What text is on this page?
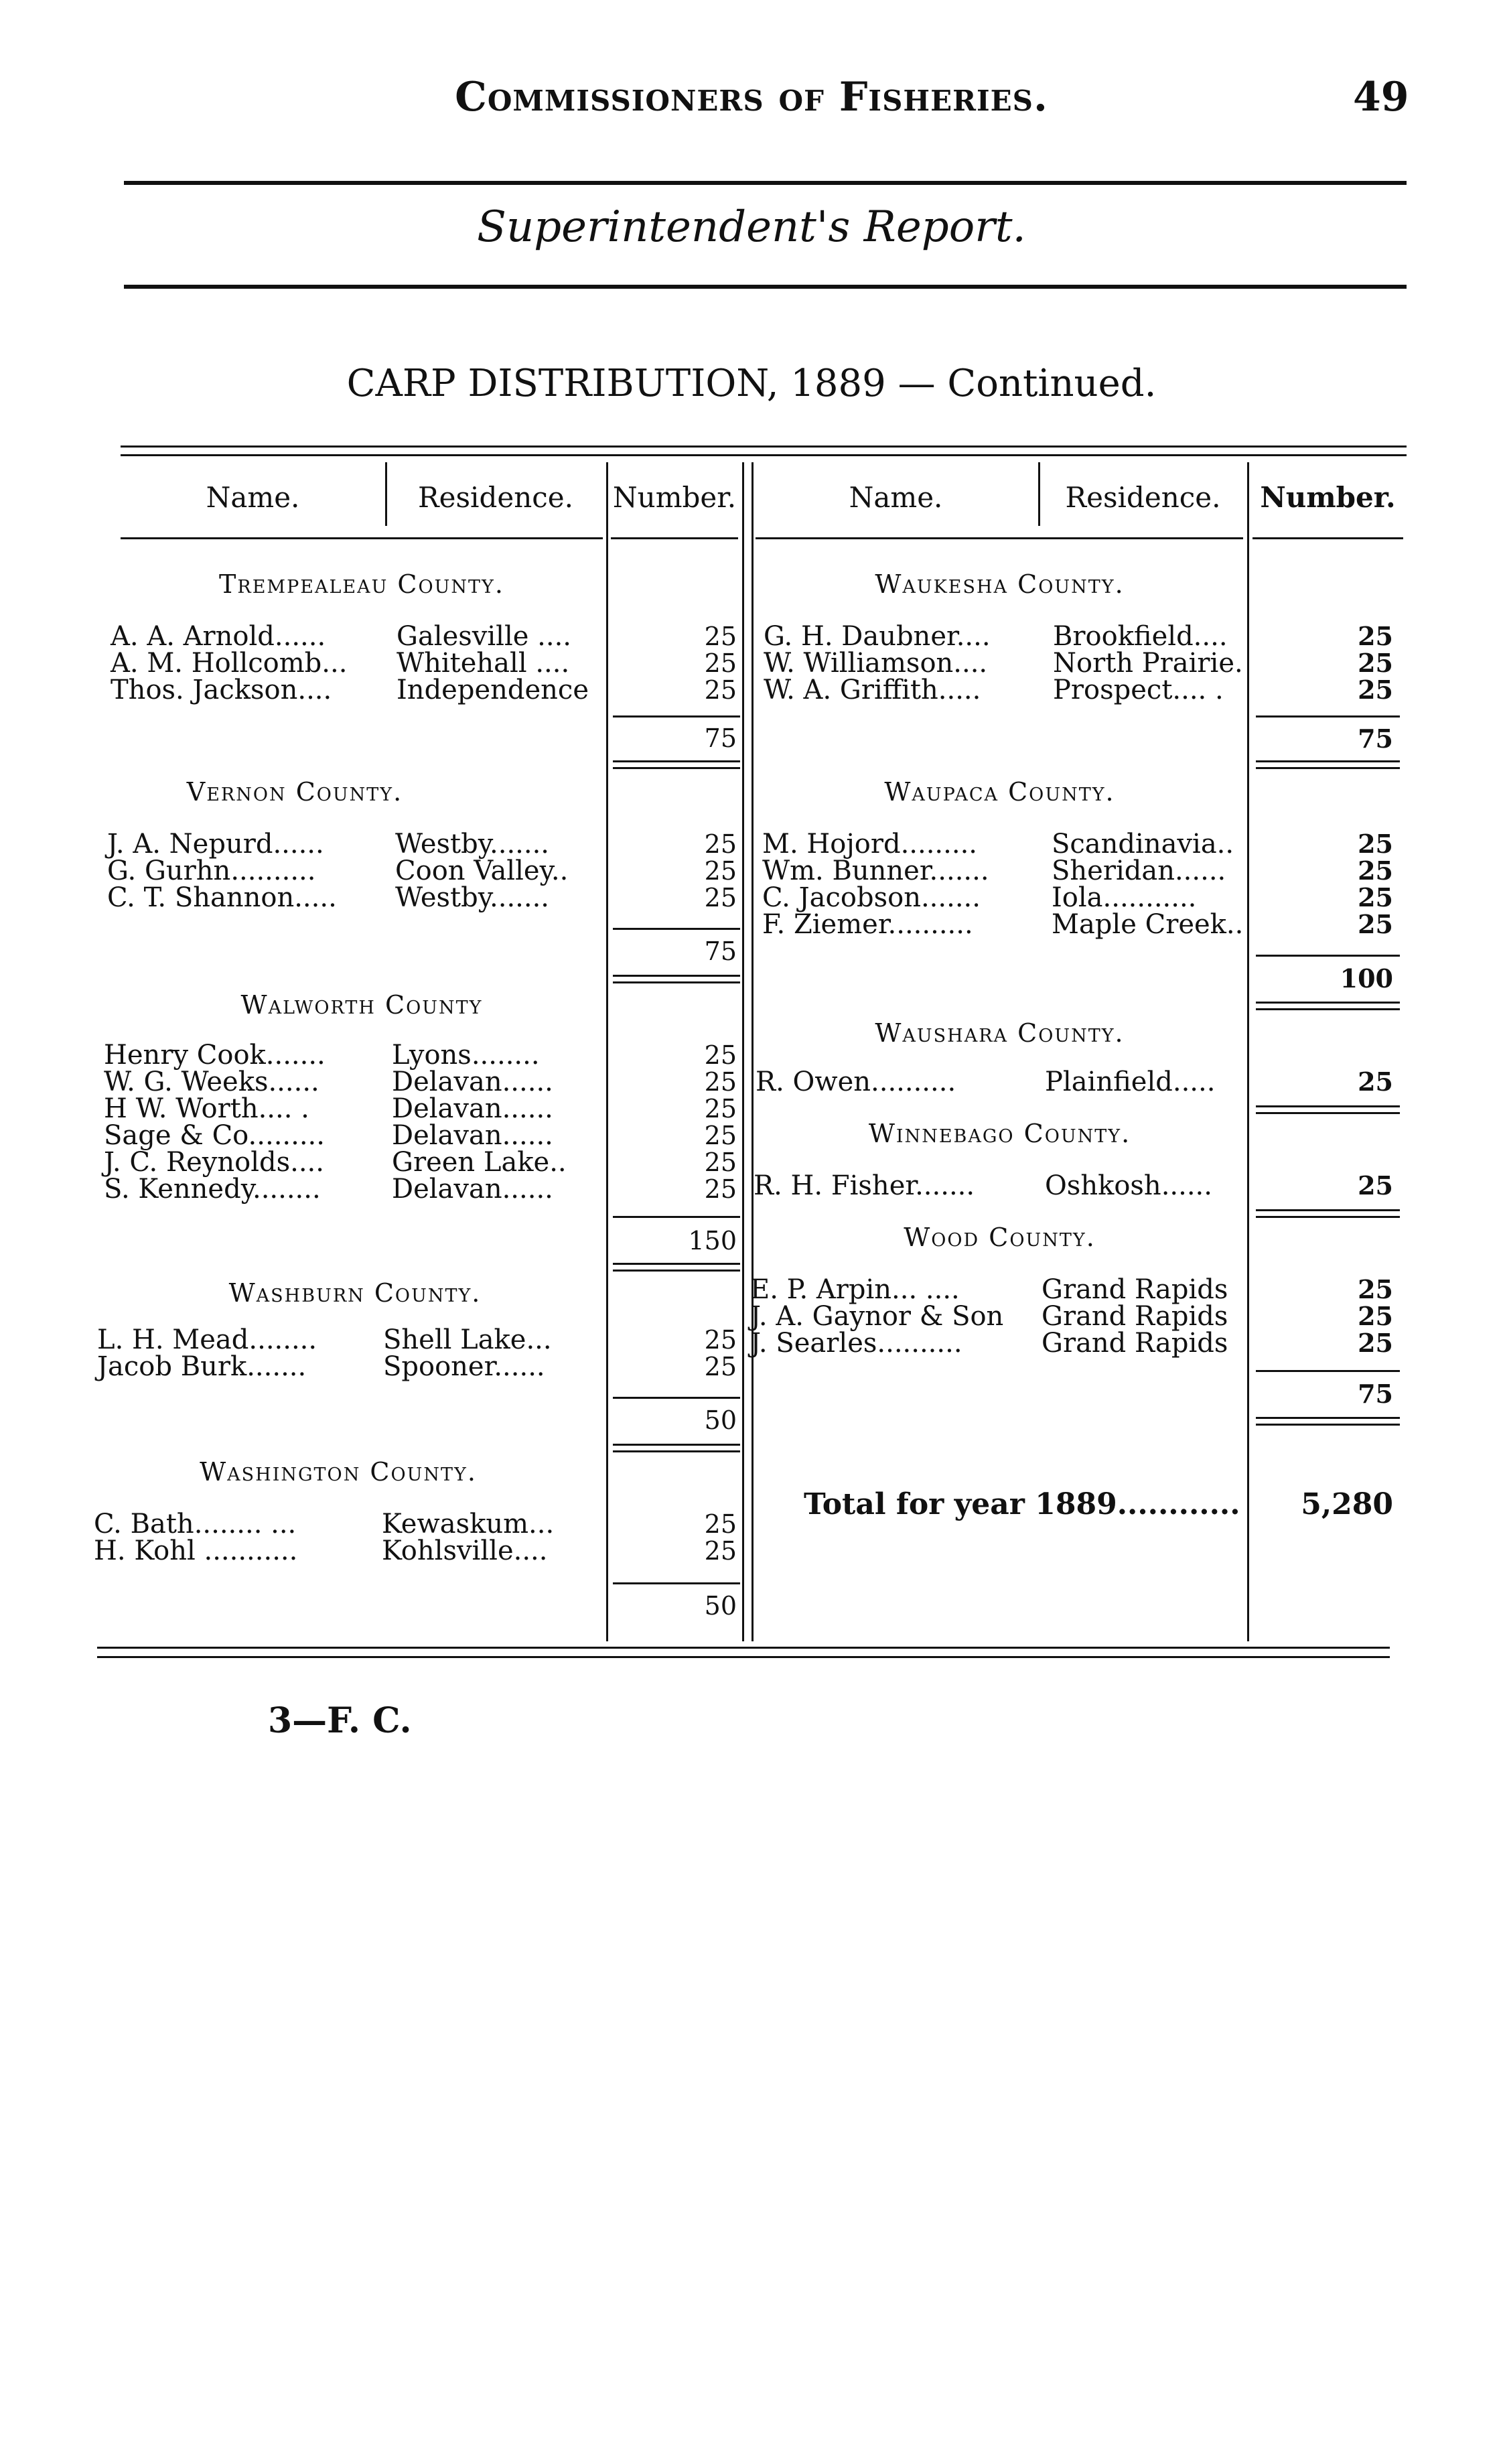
Commissioners of Fisheries.	49
Superintendent's Report.
CARP DISTRIBUTION, 1889 — Continued.
Name.	Residence.	Number.	Name.	Residence.	Number.
Trempealeau County.
A. A. Arnold......	Galesville ....	25
A. M. Hollcomb... Whitehall ....	25
Thos. Jackson.... Independence	25
75
Vernon County.
J. A. Nepurd......	Westby.......	25
G. Gurhn..........	Coon Valley..	25
C. T. Shannon..... Westby.......	25
75
Walworth County
Henry Cook....... Lyons........	25
W. G. Weeks......	Delavan......	25
H W. Worth.... .	Delavan......	25
Sage & Co.........	Delavan......	25
J. C. Reynolds....	Green Lake..	25
S. Kennedy........	Delavan......	25
150
Washburn County.
L. H. Mead........ Shell Lake...	25
Jacob Burk.......	Spooner......	25
50
Washington County.
C. Bath........ ...	Kewaskum...	25
H. Kohl ...........	Kohlsville....	25
50
Waukesha County.
G. H. Daubner.... Brookfield....	25
W. Williamson.... North Prairie.	25
W. A. Griffith.....	Prospect.... .	25
75
Waupaca County.
M. Hojord.........	Scandinavia..	25
Wm. Bunner....... Sheridan......	25
C. Jacobson.......	Iola...........	25
F. Ziemer..........	Maple Creek..	25
100
Waushara County.
R. Owen..........	Plainfield.....	25
Winnebago County.
R. H. Fisher.......	Oshkosh......	25
Wood County.
E. P. Arpin... ....	Grand Rapids	25
J. A. Gaynor & Son Grand Rapids	25
J. Searles..........	Grand Rapids	25
75
Total for year 1889............	5,280
3—F. C.
